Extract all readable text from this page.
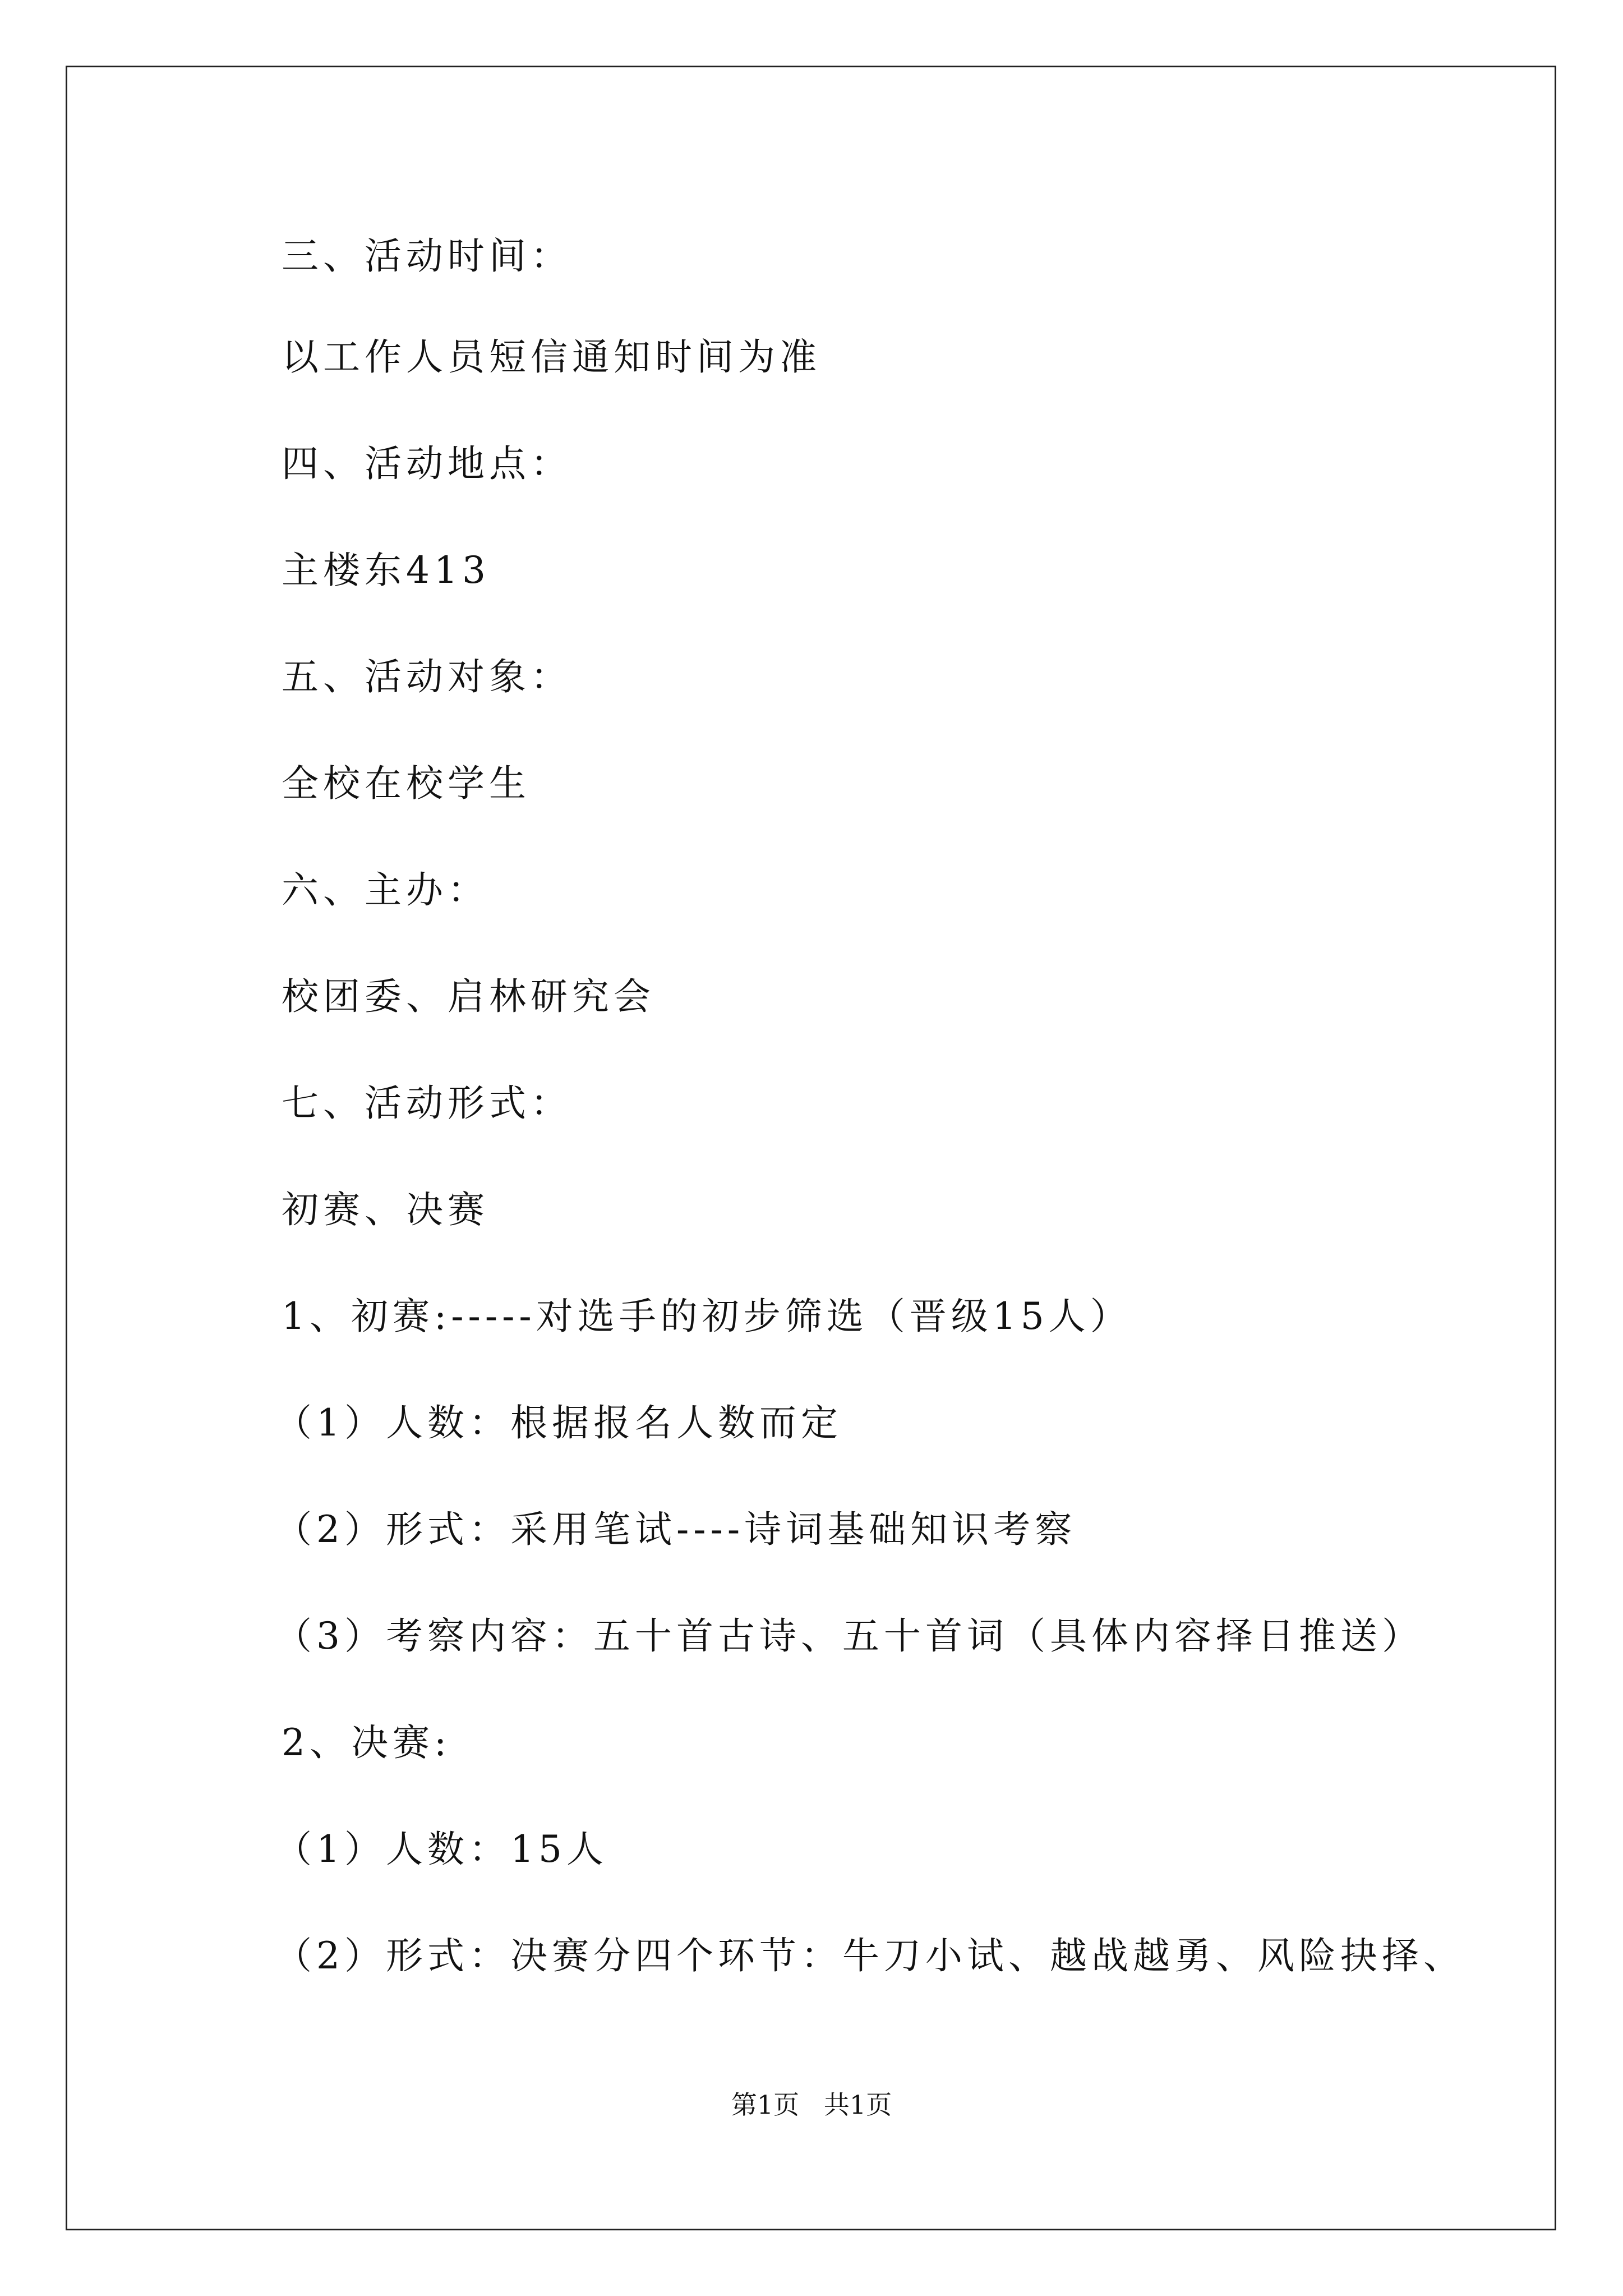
三、活动时间：

以工作人员短信通知时间为准

四、活动地点：

主楼东413

五、活动对象：

全校在校学生

六、主办：

校团委、启林研究会

七、活动形式：

初赛、决赛

1、初赛:-----对选手的初步筛选（晋级15人）

（1）人数：根据报名人数而定

（2）形式：采用笔试----诗词基础知识考察

（3）考察内容：五十首古诗、五十首词（具体内容择日推送）

2、决赛:

（1）人数：15人

（2）形式：决赛分四个环节：牛刀小试、越战越勇、风险抉择、

第1页   共1页
